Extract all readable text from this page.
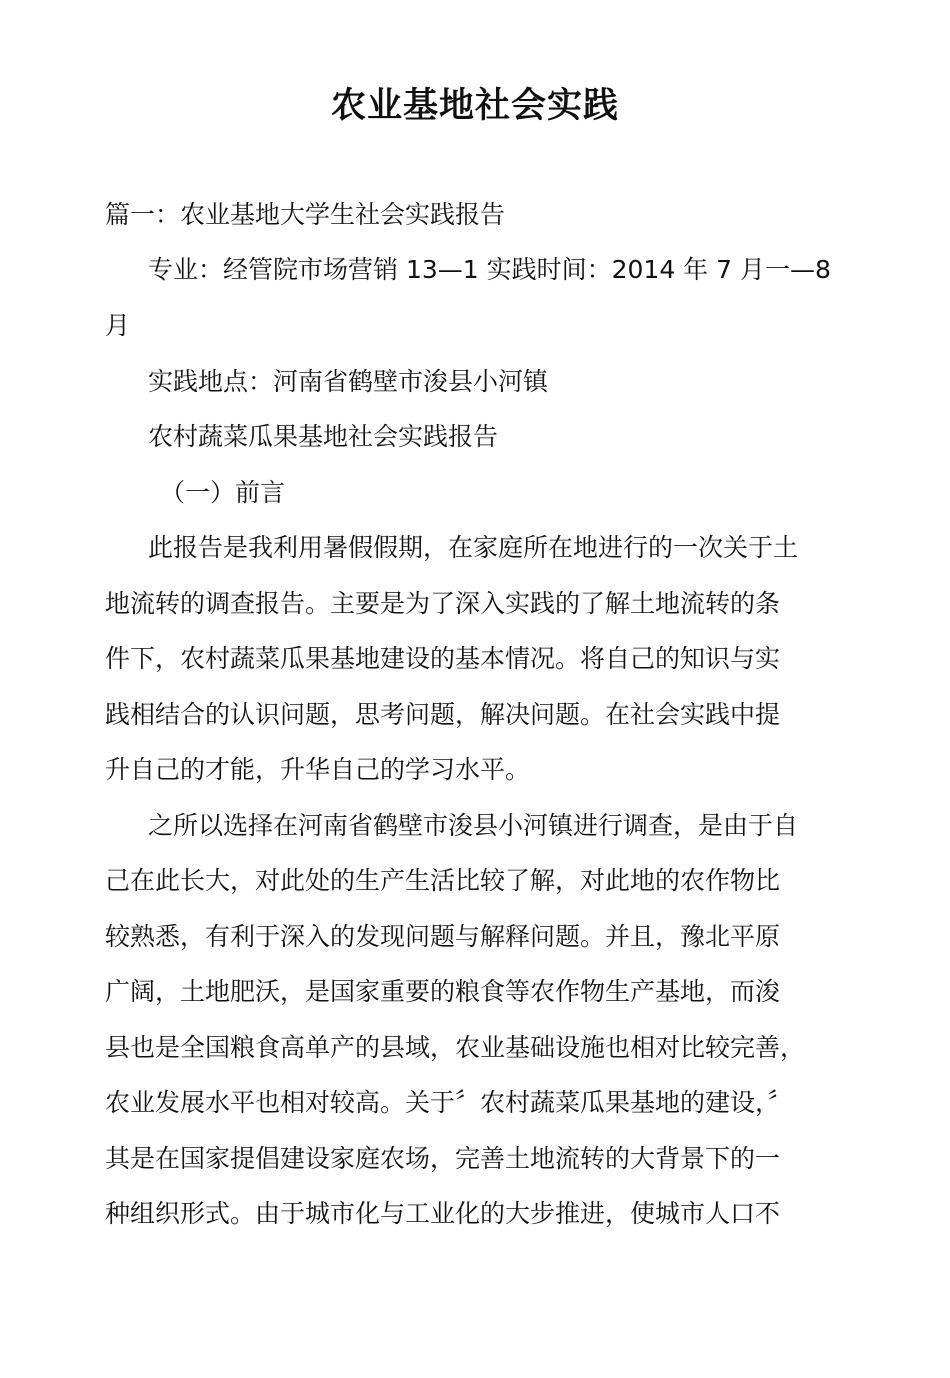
农业基地社会实践
篇一：农业基地大学生社会实践报告
专业：经管院市场营销 13—1 实践时间：2014 年 7 月一—8
月
实践地点：河南省鹤壁市浚县小河镇
农村蔬菜瓜果基地社会实践报告
（一）前言
此报告是我利用暑假假期，在家庭所在地进行的一次关于土
地流转的调查报告。主要是为了深入实践的了解土地流转的条
件下，农村蔬菜瓜果基地建设的基本情况。将自己的知识与实
践相结合的认识问题，思考问题，解决问题。在社会实践中提
升自己的才能，升华自己的学习水平。
之所以选择在河南省鹤壁市浚县小河镇进行调查，是由于自
己在此长大，对此处的生产生活比较了解，对此地的农作物比
较熟悉，有利于深入的发现问题与解释问题。并且，豫北平原
广阔，土地肥沃，是国家重要的粮食等农作物生产基地，而浚
县也是全国粮食高单产的县域，农业基础设施也相对比较完善，
农业发展水平也相对较高。关于〞农村蔬菜瓜果基地的建设，〞
其是在国家提倡建设家庭农场，完善土地流转的大背景下的一
种组织形式。由于城市化与工业化的大步推进，使城市人口不
